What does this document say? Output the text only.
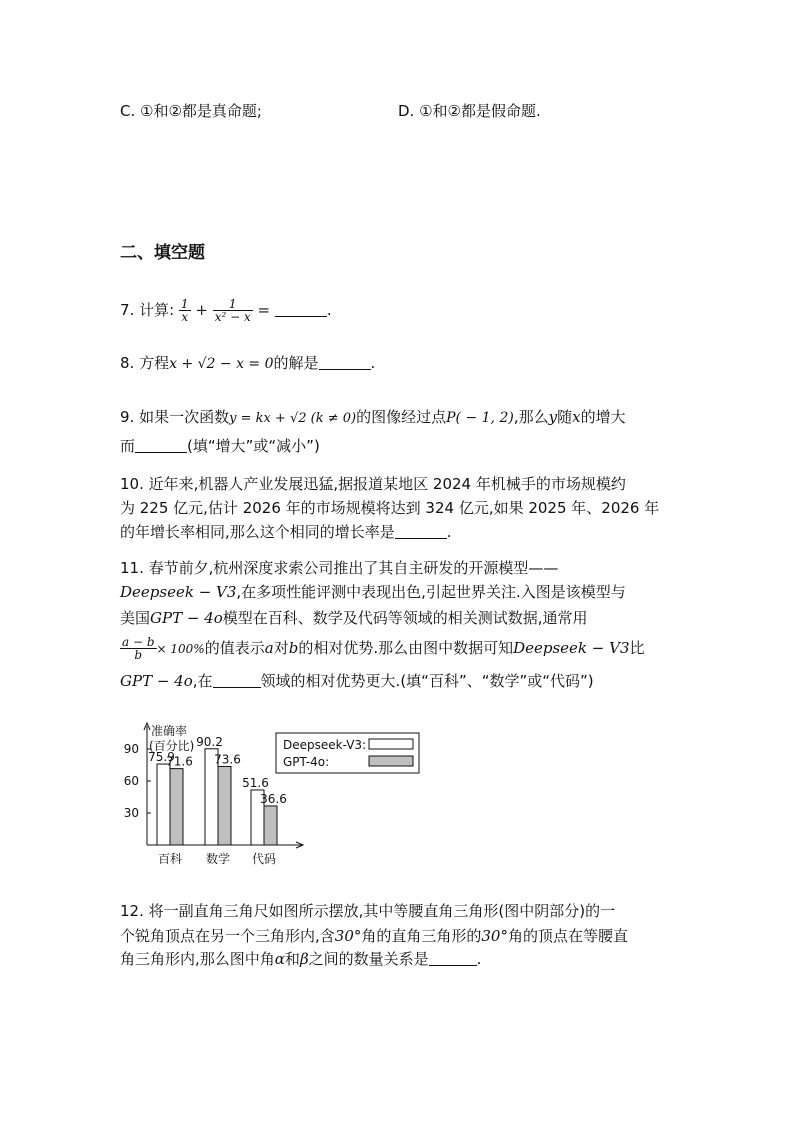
C. ①和②都是真命题;	D. ①和②都是假命题.
二、填空题
7. 计算: $\frac{1}{x} + \frac{1}{\text{x² − x}}$ =	.
8. 方程x + √2 − x = 0的解是	.
9. 如果一次函数y = kx + √2 (k ≠ 0)的图像经过点P( − 1, 2),那么y随x的增大
而	(填“增大”或“减小”)
10. 近年来,机器人产业发展迅猛,据报道某地区 2024 年机械手的市场规模约
为 225 亿元,估计 2026 年的市场规模将达到 324 亿元,如果 2025 年、2026 年
的年增长率相同,那么这个相同的增长率是	.
11. 春节前夕,杭州深度求索公司推出了其自主研发的开源模型——
Deepseek − V3,在多项性能评测中表现出色,引起世界关注.入图是该模型与
美国GPT − 4o模型在百科、数学及代码等领域的相关测试数据,通常用
$\frac{a - b}{b} \times 100\%$的值表示a对b的相对优势.那么由图中数据可知Deepseek − V3比
GPT − 4o,在	领域的相对优势更大.(填“百科”、“数学”或“代码”)
准确率
(百分比)
30
60
90
75.9
71.6
百科
90.2
73.6
数学
51.6
36.6
代码
Deepseek-V3:
GPT-4o:
12. 将一副直角三角尺如图所示摆放,其中等腰直角三角形(图中阴部分)的一
个锐角顶点在另一个三角形内,含30°角的直角三角形的30°角的顶点在等腰直
角三角形内,那么图中角α和β之间的数量关系是	.
